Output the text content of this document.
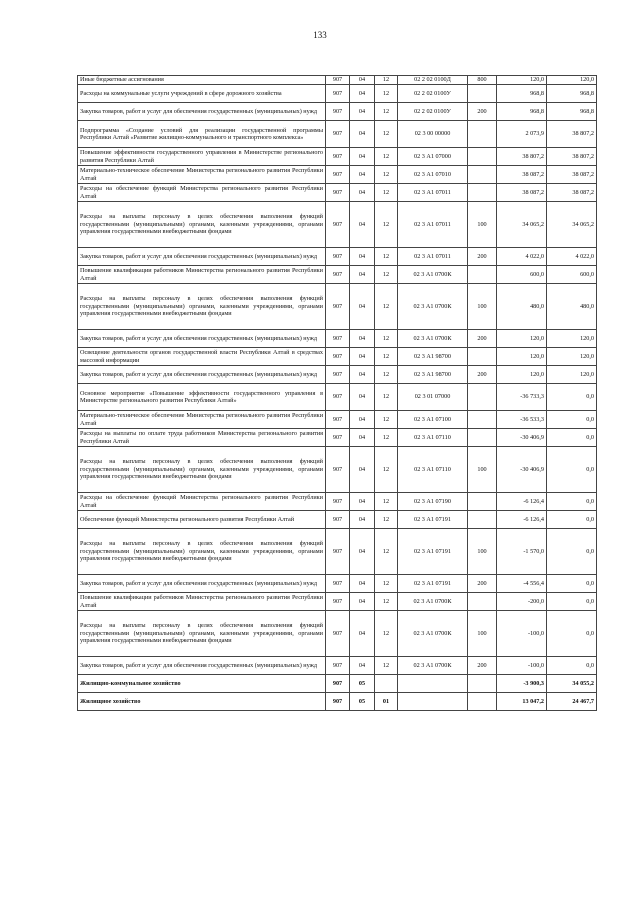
133
Иные бюджетные ассигнования	907	04	12	02 2 02 0100Д	800	120,0	120,0
Расходы на коммунальные услуги учреждений в сфере дорожного хозяйства	907	04	12	02 2 02 0100У		968,8	968,8
Закупка товаров, работ и услуг для обеспечения государственных (муниципальных) нужд	907	04	12	02 2 02 0100У	200	968,8	968,8
Подпрограмма «Создание условий для реализации государственной программы Республики Алтай «Развитие жилищно-коммунального и транспортного комплекса»	907	04	12	02 3 00 00000		2 073,9	38 807,2
Повышение эффективности государственного управления в Министерстве регионального развития Республики Алтай	907	04	12	02 3 А1 07000		38 807,2	38 807,2
Материально-техническое обеспечение Министерства регионального развития Республики Алтай	907	04	12	02 3 А1 07010		38 087,2	38 087,2
Расходы на обеспечение функций Министерства регионального развития Республики Алтай	907	04	12	02 3 А1 07011		38 087,2	38 087,2
Расходы на выплаты персоналу в целях обеспечения выполнения функций государственными (муниципальными) органами, казенными учреждениями, органами управления государственными внебюджетными фондами	907	04	12	02 3 А1 07011	100	34 065,2	34 065,2
Закупка товаров, работ и услуг для обеспечения государственных (муниципальных) нужд	907	04	12	02 3 А1 07011	200	4 022,0	4 022,0
Повышение квалификации работников Министерства регионального развития Республики Алтай	907	04	12	02 3 А1 0700К		600,0	600,0
Расходы на выплаты персоналу в целях обеспечения выполнения функций государственными (муниципальными) органами, казенными учреждениями, органами управления государственными внебюджетными фондами	907	04	12	02 3 А1 0700К	100	480,0	480,0
Закупка товаров, работ и услуг для обеспечения государственных (муниципальных) нужд	907	04	12	02 3 А1 0700К	200	120,0	120,0
Освещение деятельности органов государственной власти Республики Алтай в средствах массовой информации	907	04	12	02 3 А1 98700		120,0	120,0
Закупка товаров, работ и услуг для обеспечения государственных (муниципальных) нужд	907	04	12	02 3 А1 98700	200	120,0	120,0
Основное мероприятие «Повышение эффективности государственного управления в Министерстве регионального развития Республики Алтай»	907	04	12	02 3 01 07000		-36 733,3	0,0
Материально-техническое обеспечение Министерства регионального развития Республики Алтай	907	04	12	02 3 А1 07100		-36 533,3	0,0
Расходы на выплаты по оплате труда работников Министерства регионального развития Республики Алтай	907	04	12	02 3 А1 07110		-30 406,9	0,0
Расходы на выплаты персоналу в целях обеспечения выполнения функций государственными (муниципальными) органами, казенными учреждениями, органами управления государственными внебюджетными фондами	907	04	12	02 3 А1 07110	100	-30 406,9	0,0
Расходы на обеспечение функций Министерства регионального развития Республики Алтай	907	04	12	02 3 А1 07190		-6 126,4	0,0
Обеспечение функций Министерства регионального развития Республики Алтай	907	04	12	02 3 А1 07191		-6 126,4	0,0
Расходы на выплаты персоналу в целях обеспечения выполнения функций государственными (муниципальными) органами, казенными учреждениями, органами управления государственными внебюджетными фондами	907	04	12	02 3 А1 07191	100	-1 570,0	0,0
Закупка товаров, работ и услуг для обеспечения государственных (муниципальных) нужд	907	04	12	02 3 А1 07191	200	-4 556,4	0,0
Повышение квалификации работников Министерства регионального развития Республики Алтай	907	04	12	02 3 А1 0700К		-200,0	0,0
Расходы на выплаты персоналу в целях обеспечения выполнения функций государственными (муниципальными) органами, казенными учреждениями, органами управления государственными внебюджетными фондами	907	04	12	02 3 А1 0700К	100	-100,0	0,0
Закупка товаров, работ и услуг для обеспечения государственных (муниципальных) нужд	907	04	12	02 3 А1 0700К	200	-100,0	0,0
Жилищно-коммунальное хозяйство	907	05				-3 900,3	34 055,2
Жилищное хозяйство	907	05	01			13 047,2	24 467,7
